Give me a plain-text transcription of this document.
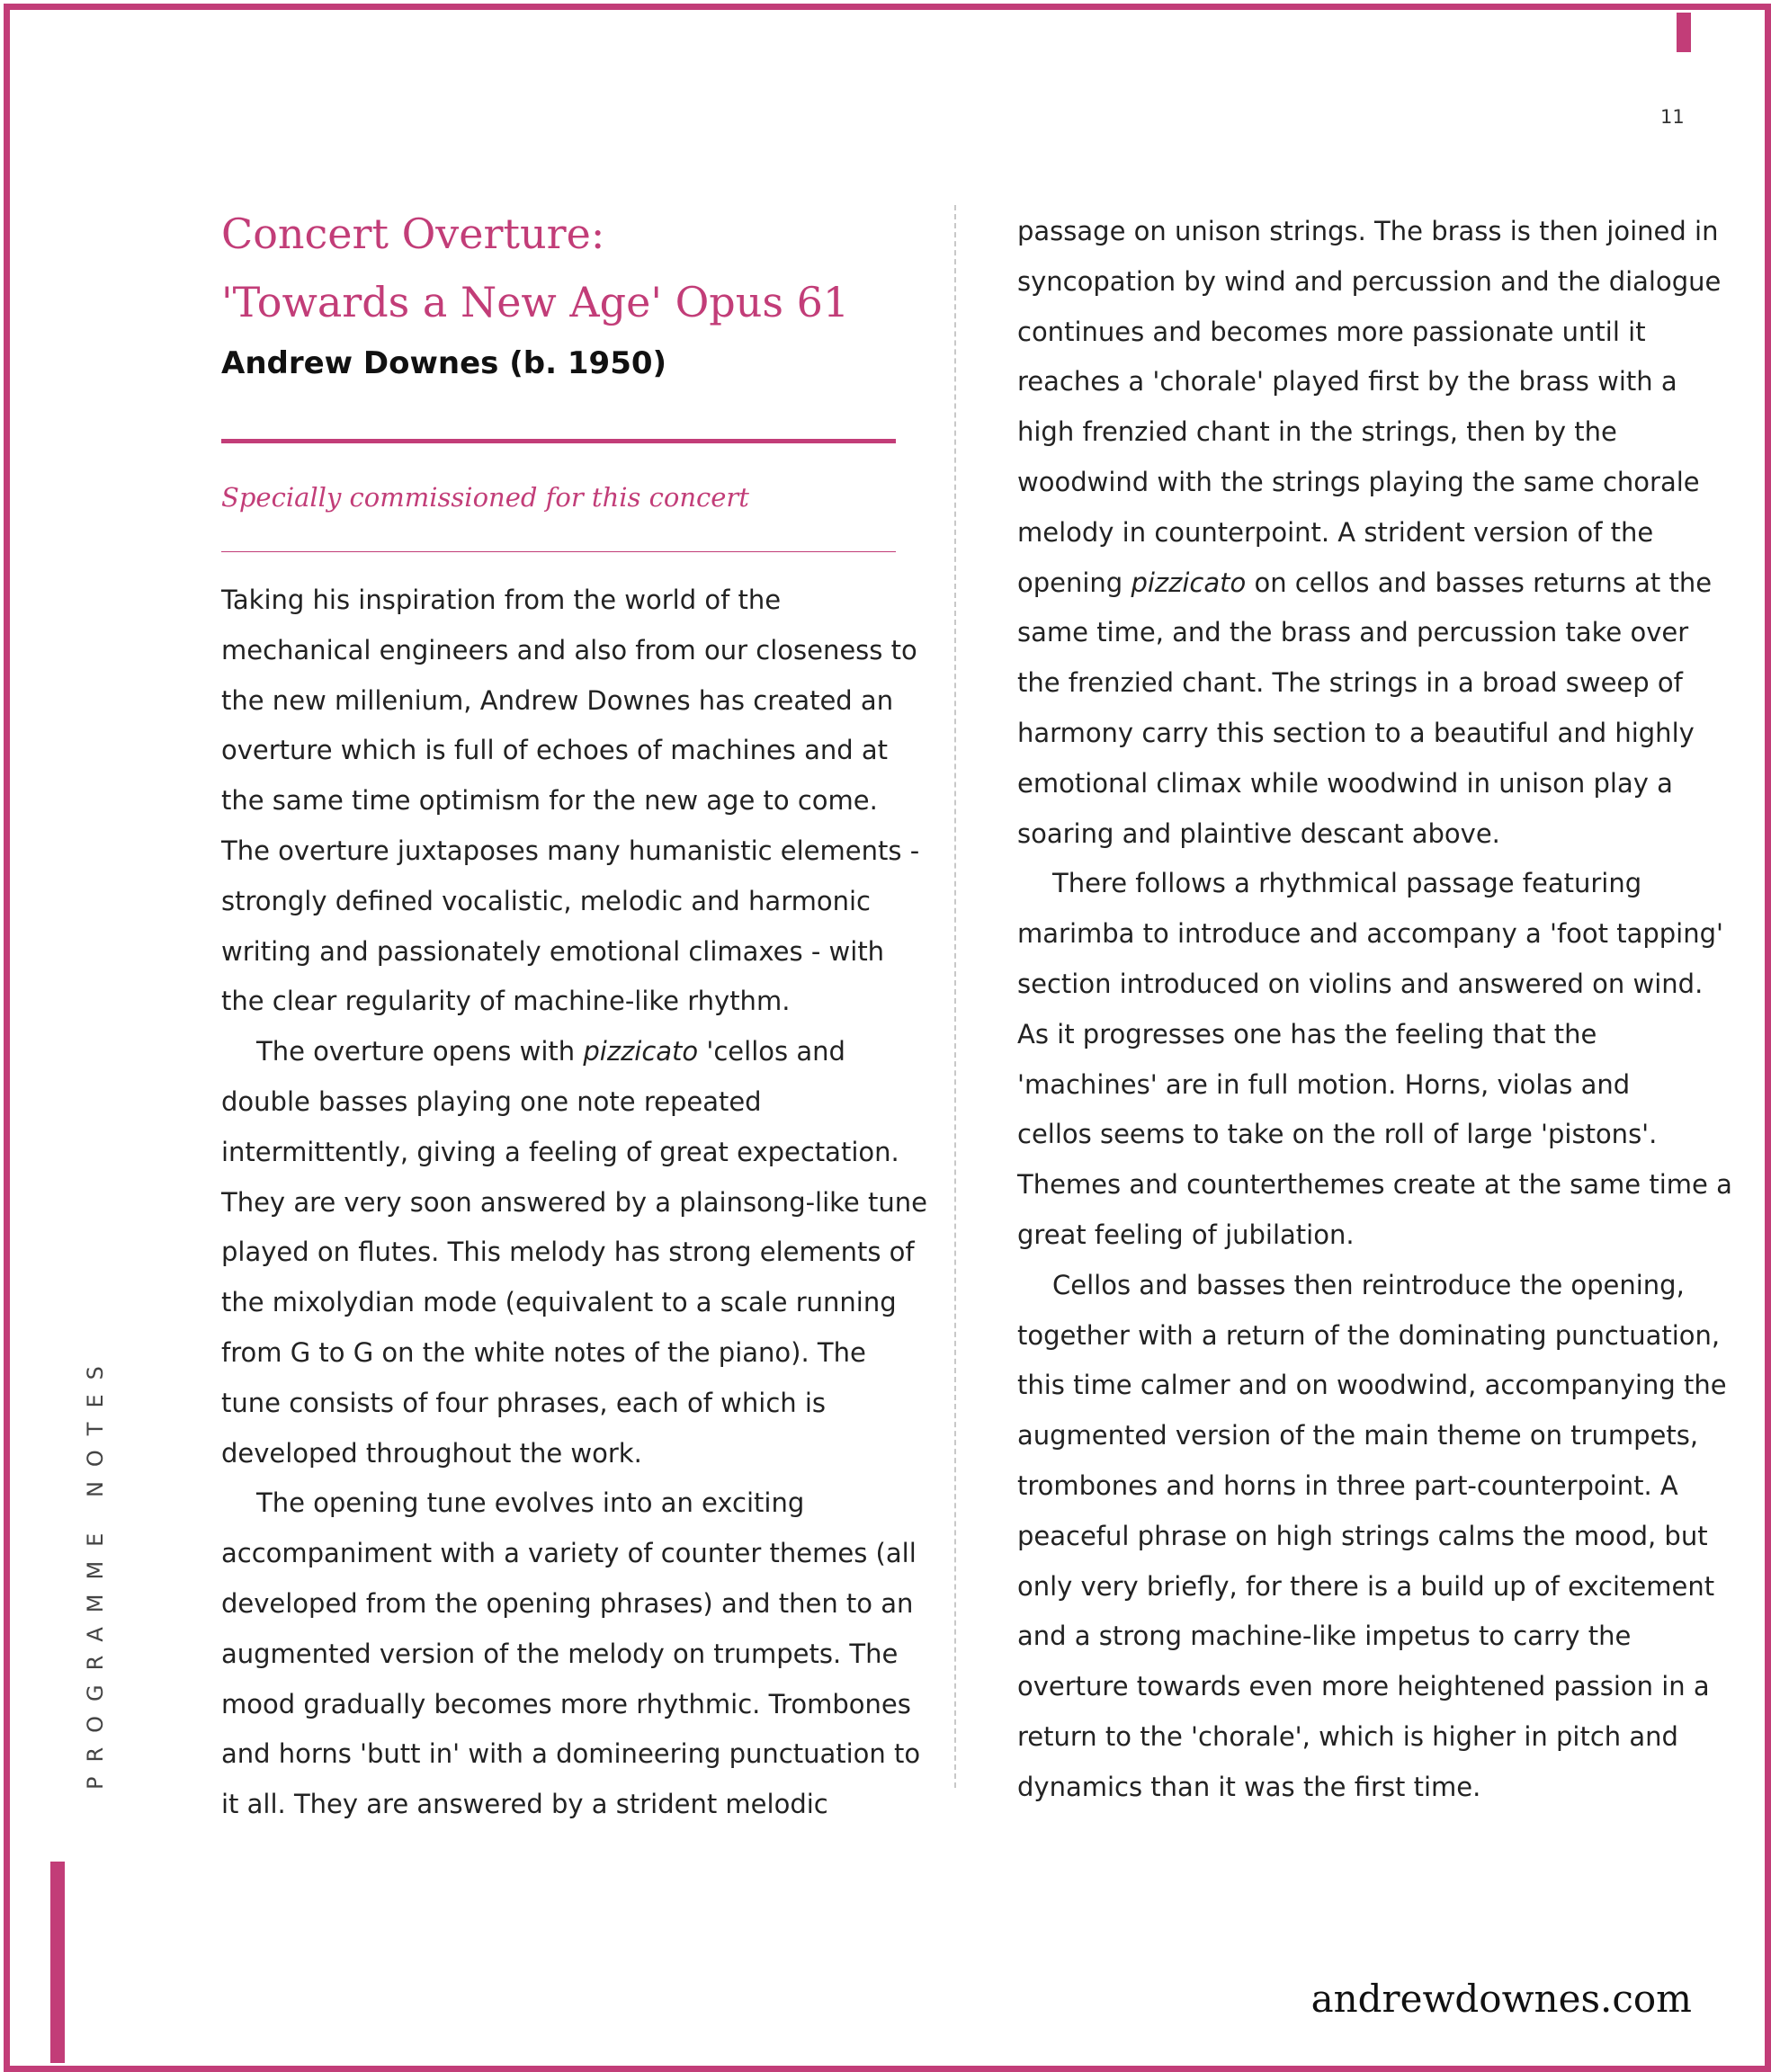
11
PROGRAMME NOTES
Concert Overture:
'Towards a New Age' Opus 61
Andrew Downes (b. 1950)
Specially commissioned for this concert
Taking his inspiration from the world of the
mechanical engineers and also from our closeness to
the new millenium, Andrew Downes has created an
overture which is full of echoes of machines and at
the same time optimism for the new age to come.
The overture juxtaposes many humanistic elements -
strongly defined vocalistic, melodic and harmonic
writing and passionately emotional climaxes - with
the clear regularity of machine-like rhythm.
The overture opens with pizzicato 'cellos and
double basses playing one note repeated
intermittently, giving a feeling of great expectation.
They are very soon answered by a plainsong-like tune
played on flutes. This melody has strong elements of
the mixolydian mode (equivalent to a scale running
from G to G on the white notes of the piano). The
tune consists of four phrases, each of which is
developed throughout the work.
The opening tune evolves into an exciting
accompaniment with a variety of counter themes (all
developed from the opening phrases) and then to an
augmented version of the melody on trumpets. The
mood gradually becomes more rhythmic. Trombones
and horns 'butt in' with a domineering punctuation to
it all. They are answered by a strident melodic
passage on unison strings. The brass is then joined in
syncopation by wind and percussion and the dialogue
continues and becomes more passionate until it
reaches a 'chorale' played first by the brass with a
high frenzied chant in the strings, then by the
woodwind with the strings playing the same chorale
melody in counterpoint. A strident version of the
opening pizzicato on cellos and basses returns at the
same time, and the brass and percussion take over
the frenzied chant. The strings in a broad sweep of
harmony carry this section to a beautiful and highly
emotional climax while woodwind in unison play a
soaring and plaintive descant above.
There follows a rhythmical passage featuring
marimba to introduce and accompany a 'foot tapping'
section introduced on violins and answered on wind.
As it progresses one has the feeling that the
'machines' are in full motion. Horns, violas and
cellos seems to take on the roll of large 'pistons'.
Themes and counterthemes create at the same time a
great feeling of jubilation.
Cellos and basses then reintroduce the opening,
together with a return of the dominating punctuation,
this time calmer and on woodwind, accompanying the
augmented version of the main theme on trumpets,
trombones and horns in three part-counterpoint. A
peaceful phrase on high strings calms the mood, but
only very briefly, for there is a build up of excitement
and a strong machine-like impetus to carry the
overture towards even more heightened passion in a
return to the 'chorale', which is higher in pitch and
dynamics than it was the first time.
andrewdownes.com
